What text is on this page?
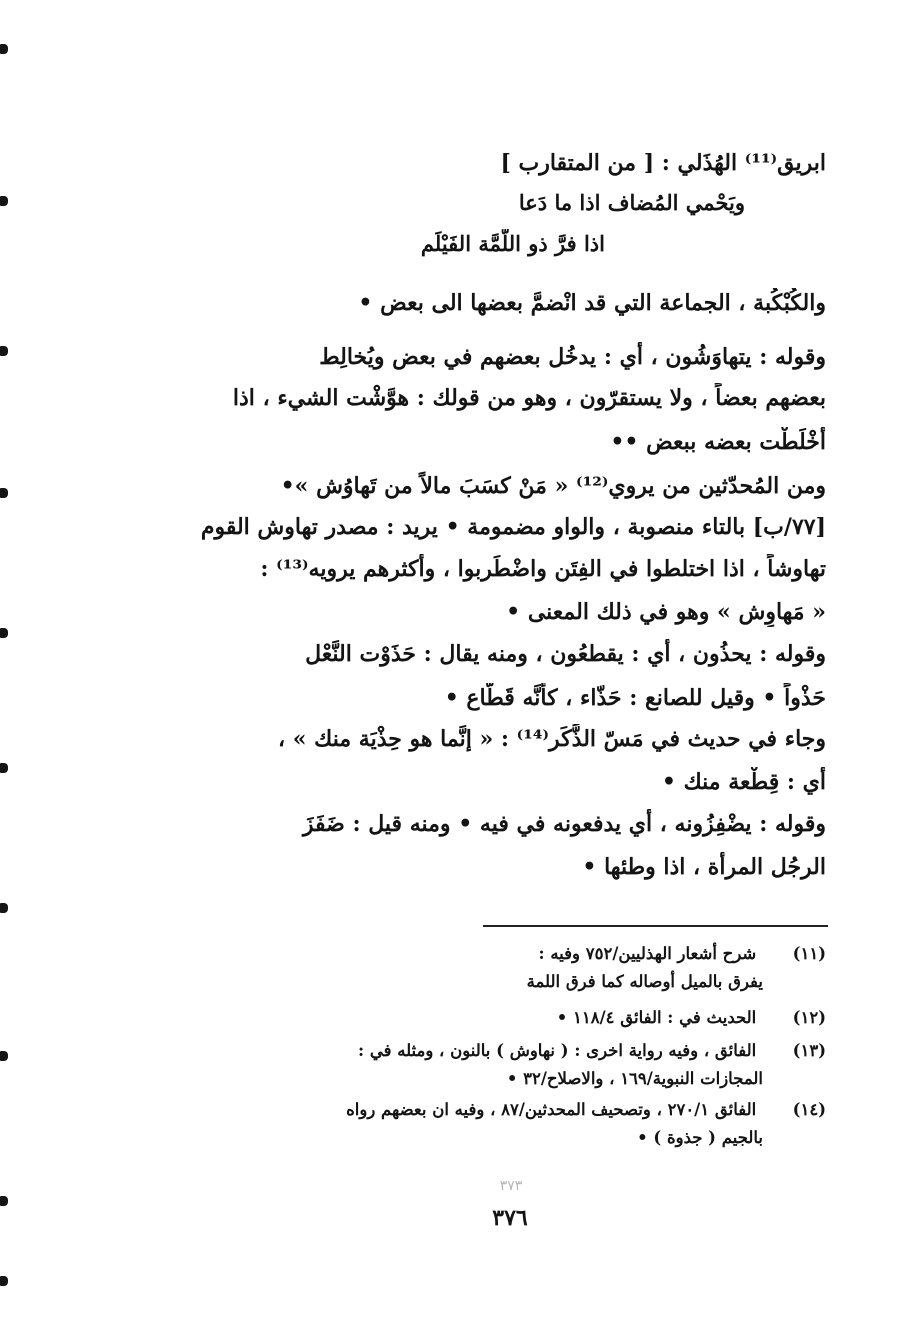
ابريق⁽¹¹⁾ الهُذَلي : [ من المتقارب ]
ويَحْمي المُضاف اذا ما دَعا
اذا فرَّ ذو اللَّمَّة الفَيْلَم
والكُبْكُبة ، الجماعة التي قد انْضمَّ بعضها الى بعض •
وقوله : يتهاوَشُون ، أي : يدخُل بعضهم في بعض ويُخالِط
بعضهم بعضاً ، ولا يستقرّون ، وهو من قولك : هوَّشْت الشيء ، اذا
أخْلَطْت بعضه ببعض ••
ومن المُحدّثين من يروي⁽¹²⁾ « مَنْ كسَبَ مالاً من تَهاوُش »•
[٧٧/ب] بالتاء منصوبة ، والواو مضمومة • يريد : مصدر تهاوش القوم
تهاوشاً ، اذا اختلطوا في الفِتَن واضْطَربوا ، وأكثرهم يرويه⁽¹³⁾ :
« مَهاوِش » وهو في ذلك المعنى •
وقوله : يحذُون ، أي : يقطعُون ، ومنه يقال : حَذَوْت النَّعْل
حَذْواً • وقيل للصانع : حَذّاء ، كأنَّه قَطَّاع •
وجاء في حديث في مَسّ الذَّكَر⁽¹⁴⁾ : « إنَّما هو حِذْيَة منك » ،
أي : قِطْعة منك •
وقوله : يضْفِزُونه ، أي يدفعونه في فيه • ومنه قيل : ضَفَزَ
الرجُل المرأة ، اذا وطئها •
(١١) شرح أشعار الهذليين/٧٥٢ وفيه :
يفرق بالميل أوصاله كما فرق اللمة
(١٢) الحديث في : الفائق ١١٨/٤ •
(١٣) الفائق ، وفيه رواية اخرى : ( نهاوش ) بالنون ، ومثله في :
المجازات النبوية/١٦٩ ، والاصلاح/٣٢ •
(١٤) الفائق ٢٧٠/١ ، وتصحيف المحدثين/٨٧ ، وفيه ان بعضهم رواه
بالجيم ( جذوة ) •
٣٧٣
٣٧٦
